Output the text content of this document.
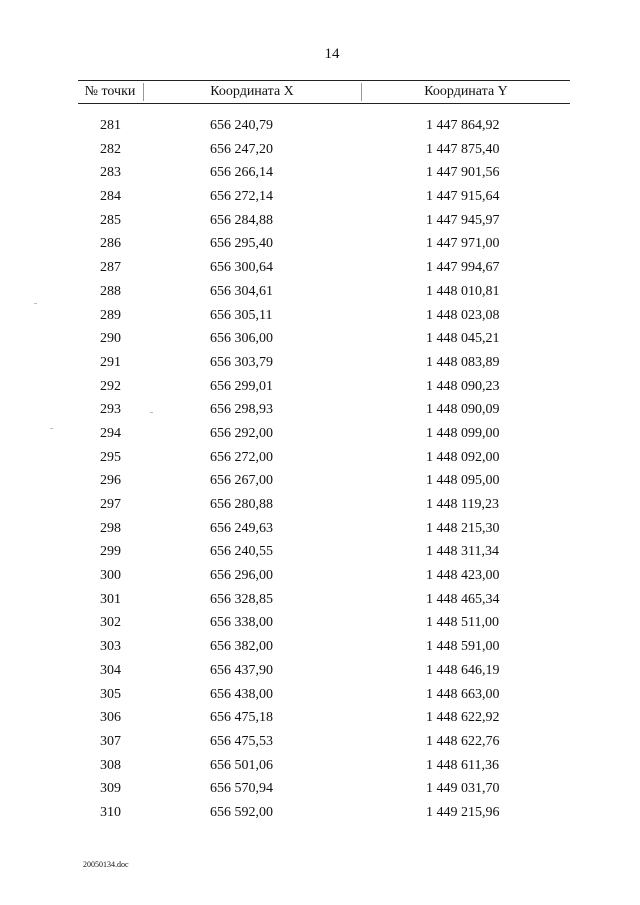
14
№ точки	Координата X	Координата Y
281	656 240,79	1 447 864,92
282	656 247,20	1 447 875,40
283	656 266,14	1 447 901,56
284	656 272,14	1 447 915,64
285	656 284,88	1 447 945,97
286	656 295,40	1 447 971,00
287	656 300,64	1 447 994,67
288	656 304,61	1 448 010,81
289	656 305,11	1 448 023,08
290	656 306,00	1 448 045,21
291	656 303,79	1 448 083,89
292	656 299,01	1 448 090,23
293	656 298,93	1 448 090,09
294	656 292,00	1 448 099,00
295	656 272,00	1 448 092,00
296	656 267,00	1 448 095,00
297	656 280,88	1 448 119,23
298	656 249,63	1 448 215,30
299	656 240,55	1 448 311,34
300	656 296,00	1 448 423,00
301	656 328,85	1 448 465,34
302	656 338,00	1 448 511,00
303	656 382,00	1 448 591,00
304	656 437,90	1 448 646,19
305	656 438,00	1 448 663,00
306	656 475,18	1 448 622,92
307	656 475,53	1 448 622,76
308	656 501,06	1 448 611,36
309	656 570,94	1 449 031,70
310	656 592,00	1 449 215,96
20050134.doc
